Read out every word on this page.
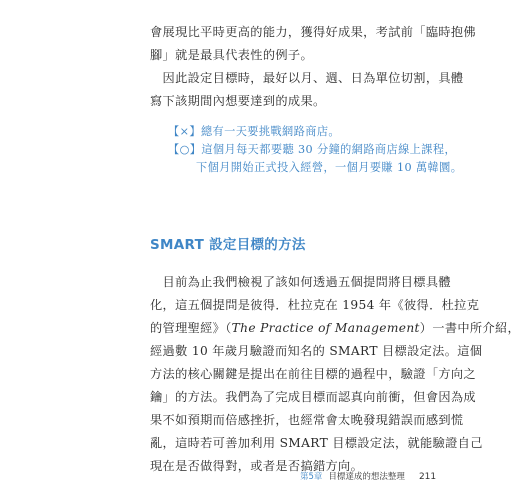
會展現比平時更高的能力，獲得好成果，考試前「臨時抱佛
腳」就是最具代表性的例子。
　因此設定目標時，最好以月、週、日為單位切割，具體
寫下該期間內想要達到的成果。
【×】總有一天要挑戰網路商店。
【○】這個月每天都要聽 30 分鐘的網路商店線上課程，
下個月開始正式投入經營，一個月要賺 10 萬韓圜。
SMART 設定目標的方法
　目前為止我們檢視了該如何透過五個提問將目標具體
化，這五個提問是彼得．杜拉克在 1954 年《彼得．杜拉克
的管理聖經》（The Practice of Management）一書中所介紹，
經過數 10 年歲月驗證而知名的 SMART 目標設定法。這個
方法的核心關鍵是提出在前往目標的過程中，驗證「方向之
鑰」的方法。我們為了完成目標而認真向前衝，但會因為成
果不如預期而倍感挫折，也經常會太晚發現錯誤而感到慌
亂，這時若可善加利用 SMART 目標設定法，就能驗證自己
現在是否做得對，或者是否搞錯方向。
第5章 目標達成的想法整理 211
